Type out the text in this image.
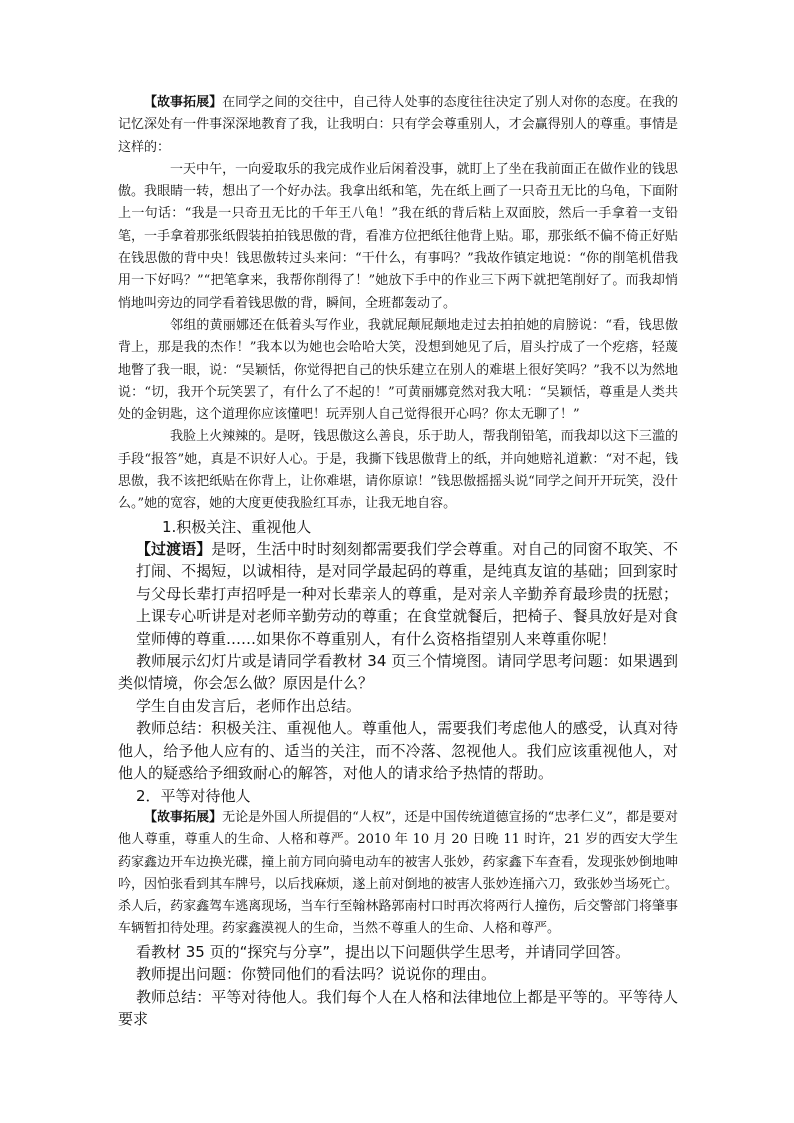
【故事拓展】在同学之间的交往中，自己待人处事的态度往往决定了别人对你的态度。在我的记忆深处有一件事深深地教育了我，让我明白：只有学会尊重别人，才会赢得别人的尊重。事情是这样的：

一天中午，一向爱取乐的我完成作业后闲着没事，就盯上了坐在我前面正在做作业的钱思傲。我眼睛一转，想出了一个好办法。我拿出纸和笔，先在纸上画了一只奇丑无比的乌龟，下面附上一句话：“我是一只奇丑无比的千年王八龟！”我在纸的背后粘上双面胶，然后一手拿着一支铅笔，一手拿着那张纸假装拍拍钱思傲的背，看准方位把纸往他背上贴。耶，那张纸不偏不倚正好贴在钱思傲的背中央！钱思傲转过头来问：“干什么，有事吗？”我故作镇定地说：“你的削笔机借我用一下好吗？”“把笔拿来，我帮你削得了！”她放下手中的作业三下两下就把笔削好了。而我却悄悄地叫旁边的同学看着钱思傲的背，瞬间，全班都轰动了。

邻组的黄丽娜还在低着头写作业，我就屁颠屁颠地走过去拍拍她的肩膀说：“看，钱思傲背上，那是我的杰作！”我本以为她也会哈哈大笑，没想到她见了后，眉头拧成了一个疙瘩，轻蔑地瞥了我一眼，说：“吴颖恬，你觉得把自己的快乐建立在别人的难堪上很好笑吗？”我不以为然地说：“切，我开个玩笑罢了，有什么了不起的！”可黄丽娜竟然对我大吼：“吴颖恬，尊重是人类共处的金钥匙，这个道理你应该懂吧！玩弄别人自己觉得很开心吗？你太无聊了！”

我脸上火辣辣的。是呀，钱思傲这么善良，乐于助人，帮我削铅笔，而我却以这下三滥的手段“报答”她，真是不识好人心。于是，我撕下钱思傲背上的纸，并向她赔礼道歉：“对不起，钱思傲，我不该把纸贴在你背上，让你难堪，请你原谅！”钱思傲摇摇头说“同学之间开开玩笑，没什么。”她的宽容，她的大度更使我脸红耳赤，让我无地自容。

1.积极关注、重视他人

【过渡语】是呀，生活中时时刻刻都需要我们学会尊重。对自己的同窗不取笑、不打闹、不揭短，以诚相待，是对同学最起码的尊重，是纯真友谊的基础；回到家时与父母长辈打声招呼是一种对长辈亲人的尊重，是对亲人辛勤养育最珍贵的抚慰；上课专心听讲是对老师辛勤劳动的尊重；在食堂就餐后，把椅子、餐具放好是对食堂师傅的尊重……如果你不尊重别人，有什么资格指望别人来尊重你呢！

教师展示幻灯片或是请同学看教材 34 页三个情境图。请同学思考问题：如果遇到类似情境，你会怎么做？原因是什么？

学生自由发言后，老师作出总结。

教师总结：积极关注、重视他人。尊重他人，需要我们考虑他人的感受，认真对待他人，给予他人应有的、适当的关注，而不冷落、忽视他人。我们应该重视他人，对他人的疑惑给予细致耐心的解答，对他人的请求给予热情的帮助。

2．平等对待他人

【故事拓展】无论是外国人所提倡的“人权”，还是中国传统道德宣扬的“忠孝仁义”，都是要对他人尊重，尊重人的生命、人格和尊严。2010 年 10 月 20 日晚 11 时许，21 岁的西安大学生药家鑫边开车边换光碟，撞上前方同向骑电动车的被害人张妙，药家鑫下车查看，发现张妙倒地呻吟，因怕张看到其车牌号，以后找麻烦，遂上前对倒地的被害人张妙连捅六刀，致张妙当场死亡。杀人后，药家鑫驾车逃离现场，当车行至翰林路郭南村口时再次将两行人撞伤，后交警部门将肇事车辆暂扣待处理。药家鑫漠视人的生命，当然不尊重人的生命、人格和尊严。

看教材 35 页的“探究与分享”，提出以下问题供学生思考，并请同学回答。

教师提出问题：你赞同他们的看法吗？说说你的理由。

教师总结：平等对待他人。我们每个人在人格和法律地位上都是平等的。平等待人要求
